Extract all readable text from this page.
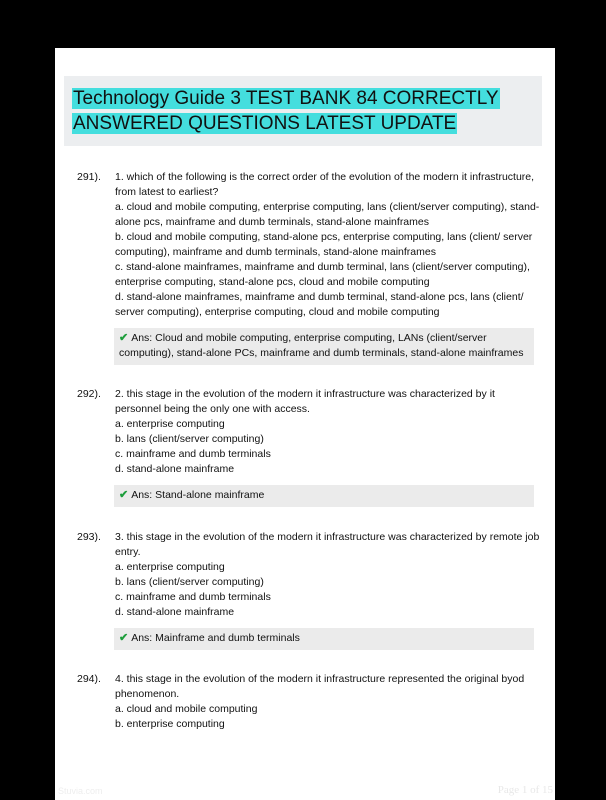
Technology Guide 3 TEST BANK 84 CORRECTLY
ANSWERED QUESTIONS LATEST UPDATE
291). 1. which of the following is the correct order of the evolution of the modern it infrastructure, from latest to earliest?

a. cloud and mobile computing, enterprise computing, lans (client/server computing), stand-alone pcs, mainframe and dumb terminals, stand-alone mainframes

b. cloud and mobile computing, stand-alone pcs, enterprise computing, lans (client/ server computing), mainframe and dumb terminals, stand-alone mainframes

c. stand-alone mainframes, mainframe and dumb terminal, lans (client/server computing), enterprise computing, stand-alone pcs, cloud and mobile computing

d. stand-alone mainframes, mainframe and dumb terminal, stand-alone pcs, lans (client/ server computing), enterprise computing, cloud and mobile computing

✔ Ans: Cloud and mobile computing, enterprise computing, LANs (client/server computing), stand-alone PCs, mainframe and dumb terminals, stand-alone mainframes
292). 2. this stage in the evolution of the modern it infrastructure was characterized by it personnel being the only one with access.

a. enterprise computing

b. lans (client/server computing)

c. mainframe and dumb terminals

d. stand-alone mainframe

✔ Ans: Stand-alone mainframe
293). 3. this stage in the evolution of the modern it infrastructure was characterized by remote job entry.

a. enterprise computing

b. lans (client/server computing)

c. mainframe and dumb terminals

d. stand-alone mainframe

✔ Ans: Mainframe and dumb terminals
294). 4. this stage in the evolution of the modern it infrastructure represented the original byod phenomenon.

a. cloud and mobile computing

b. enterprise computing

Stuvia.com	Page 1 of 15
